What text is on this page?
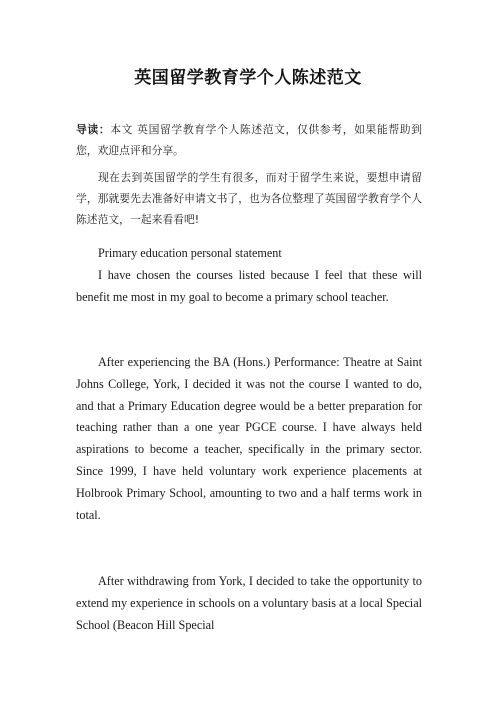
英国留学教育学个人陈述范文
导读：本文 英国留学教育学个人陈述范文，仅供参考，如果能帮助到您，欢迎点评和分享。
现在去到英国留学的学生有很多，而对于留学生来说，要想申请留学，那就要先去准备好申请文书了，也为各位整理了英国留学教育学个人陈述范文，一起来看看吧!
Primary education personal statement
I have chosen the courses listed because I feel that these will benefit me most in my goal to become a primary school teacher.
After experiencing the BA (Hons.) Performance: Theatre at Saint Johns College, York, I decided it was not the course I wanted to do, and that a Primary Education degree would be a better preparation for teaching rather than a one year PGCE course. I have always held aspirations to become a teacher, specifically in the primary sector. Since 1999, I have held voluntary work experience placements at Holbrook Primary School, amounting to two and a half terms work in total.
After withdrawing from York, I decided to take the opportunity to extend my experience in schools on a voluntary basis at a local Special School (Beacon Hill Special
